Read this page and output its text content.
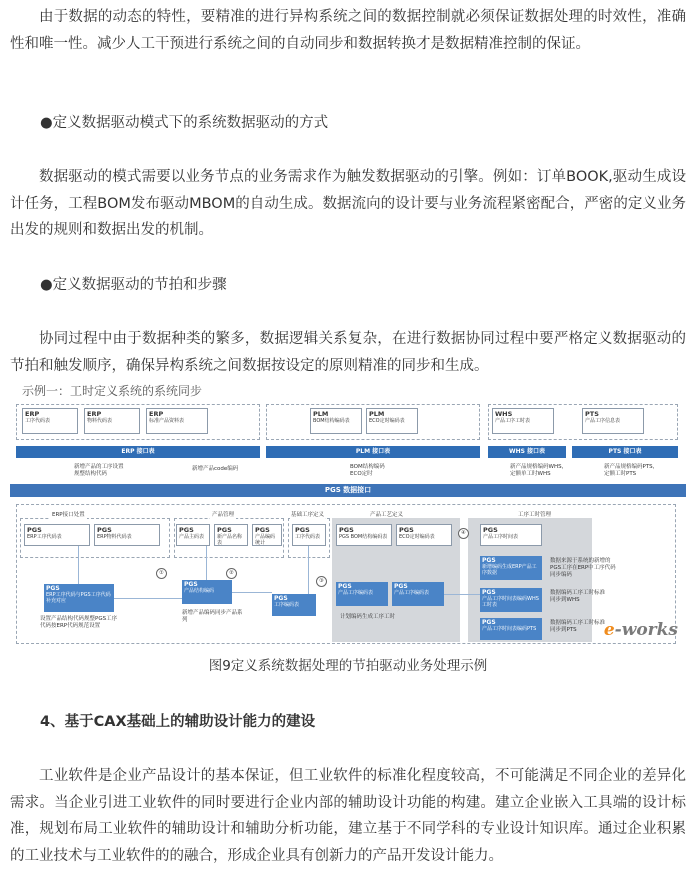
由于数据的动态的特性，要精准的进行异构系统之间的数据控制就必须保证数据处理的时效性，准确性和唯一性。减少人工干预进行系统之间的自动同步和数据转换才是数据精准控制的保证。

●定义数据驱动模式下的系统数据驱动的方式

数据驱动的模式需要以业务节点的业务需求作为触发数据驱动的引擎。例如：订单BOOK,驱动生成设计任务，工程BOM发布驱动MBOM的自动生成。数据流向的设计要与业务流程紧密配合，严密的定义业务出发的规则和数据出发的机制。

●定义数据驱动的节拍和步骤

协同过程中由于数据种类的繁多，数据逻辑关系复杂，在进行数据协同过程中要严格定义数据驱动的节拍和触发顺序，确保异构系统之间数据按设定的原则精准的同步和生成。

示例一：工时定义系统的系统同步
ERP
工序代码表
ERP
物料代码表
ERP
标准产品资料表
PLM
BOM结构编码表
PLM
ECO定时编码表
WHS
产品工序工时表
PTS
产品工序信息表
ERP 接口表	PLM 接口表	WHS 接口表	PTS 接口表
新增产品的工序设置
规整结构代码
新增产品code编码	BOM结构编码
ECO定时
新产品规格编码WHS，定额单工时WHS
新产品规格编码PTS，
定额工时PTS
PGS 数据接口
ERP接口处置
PGS
ERP工序代码表
PGS
ERP物料代码表
产品管理
PGS
产品主码表
PGS
新产品名称表
PGS
产品编码统计
基础工序定义
PGS
工序代码表
产品工艺定义
PGS
PGS BOM结构编码表
PGS
ECO定时编码表
工序工时管理
PGS
产品工序时间表
PGS
ERP工序代码与PGS工序代码补充对应
PGS
产品结构编码
PGS
工序编码表
PGS
产品工序编码表
PGS
产品工序编码表
PGS
新增编码生成ERP产品工序数据
PGS
产品工序时间表编码WHS工时表
PGS
产品工序时间表编码PTS
设置产品结构代码规整PGS工序代码按ERP代码规范设置
新增产品编码同步产品系列	计划编码生成工序工时
数据来源于系统的新增的PGS工序在ERP中工序代码同步编码
数据编码工序工时标准同步到WHS
数据编码工序工时标准同步到PTS
①	②
③
④
e-works
图9定义系统数据处理的节拍驱动业务处理示例

4、基于CAX基础上的辅助设计能力的建设

工业软件是企业产品设计的基本保证，但工业软件的标准化程度较高，不可能满足不同企业的差异化需求。当企业引进工业软件的同时要进行企业内部的辅助设计功能的构建。建立企业嵌入工具端的设计标准，规划布局工业软件的辅助设计和辅助分析功能，建立基于不同学科的专业设计知识库。通过企业积累的工业技术与工业软件的的融合，形成企业具有创新力的产品开发设计能力。
